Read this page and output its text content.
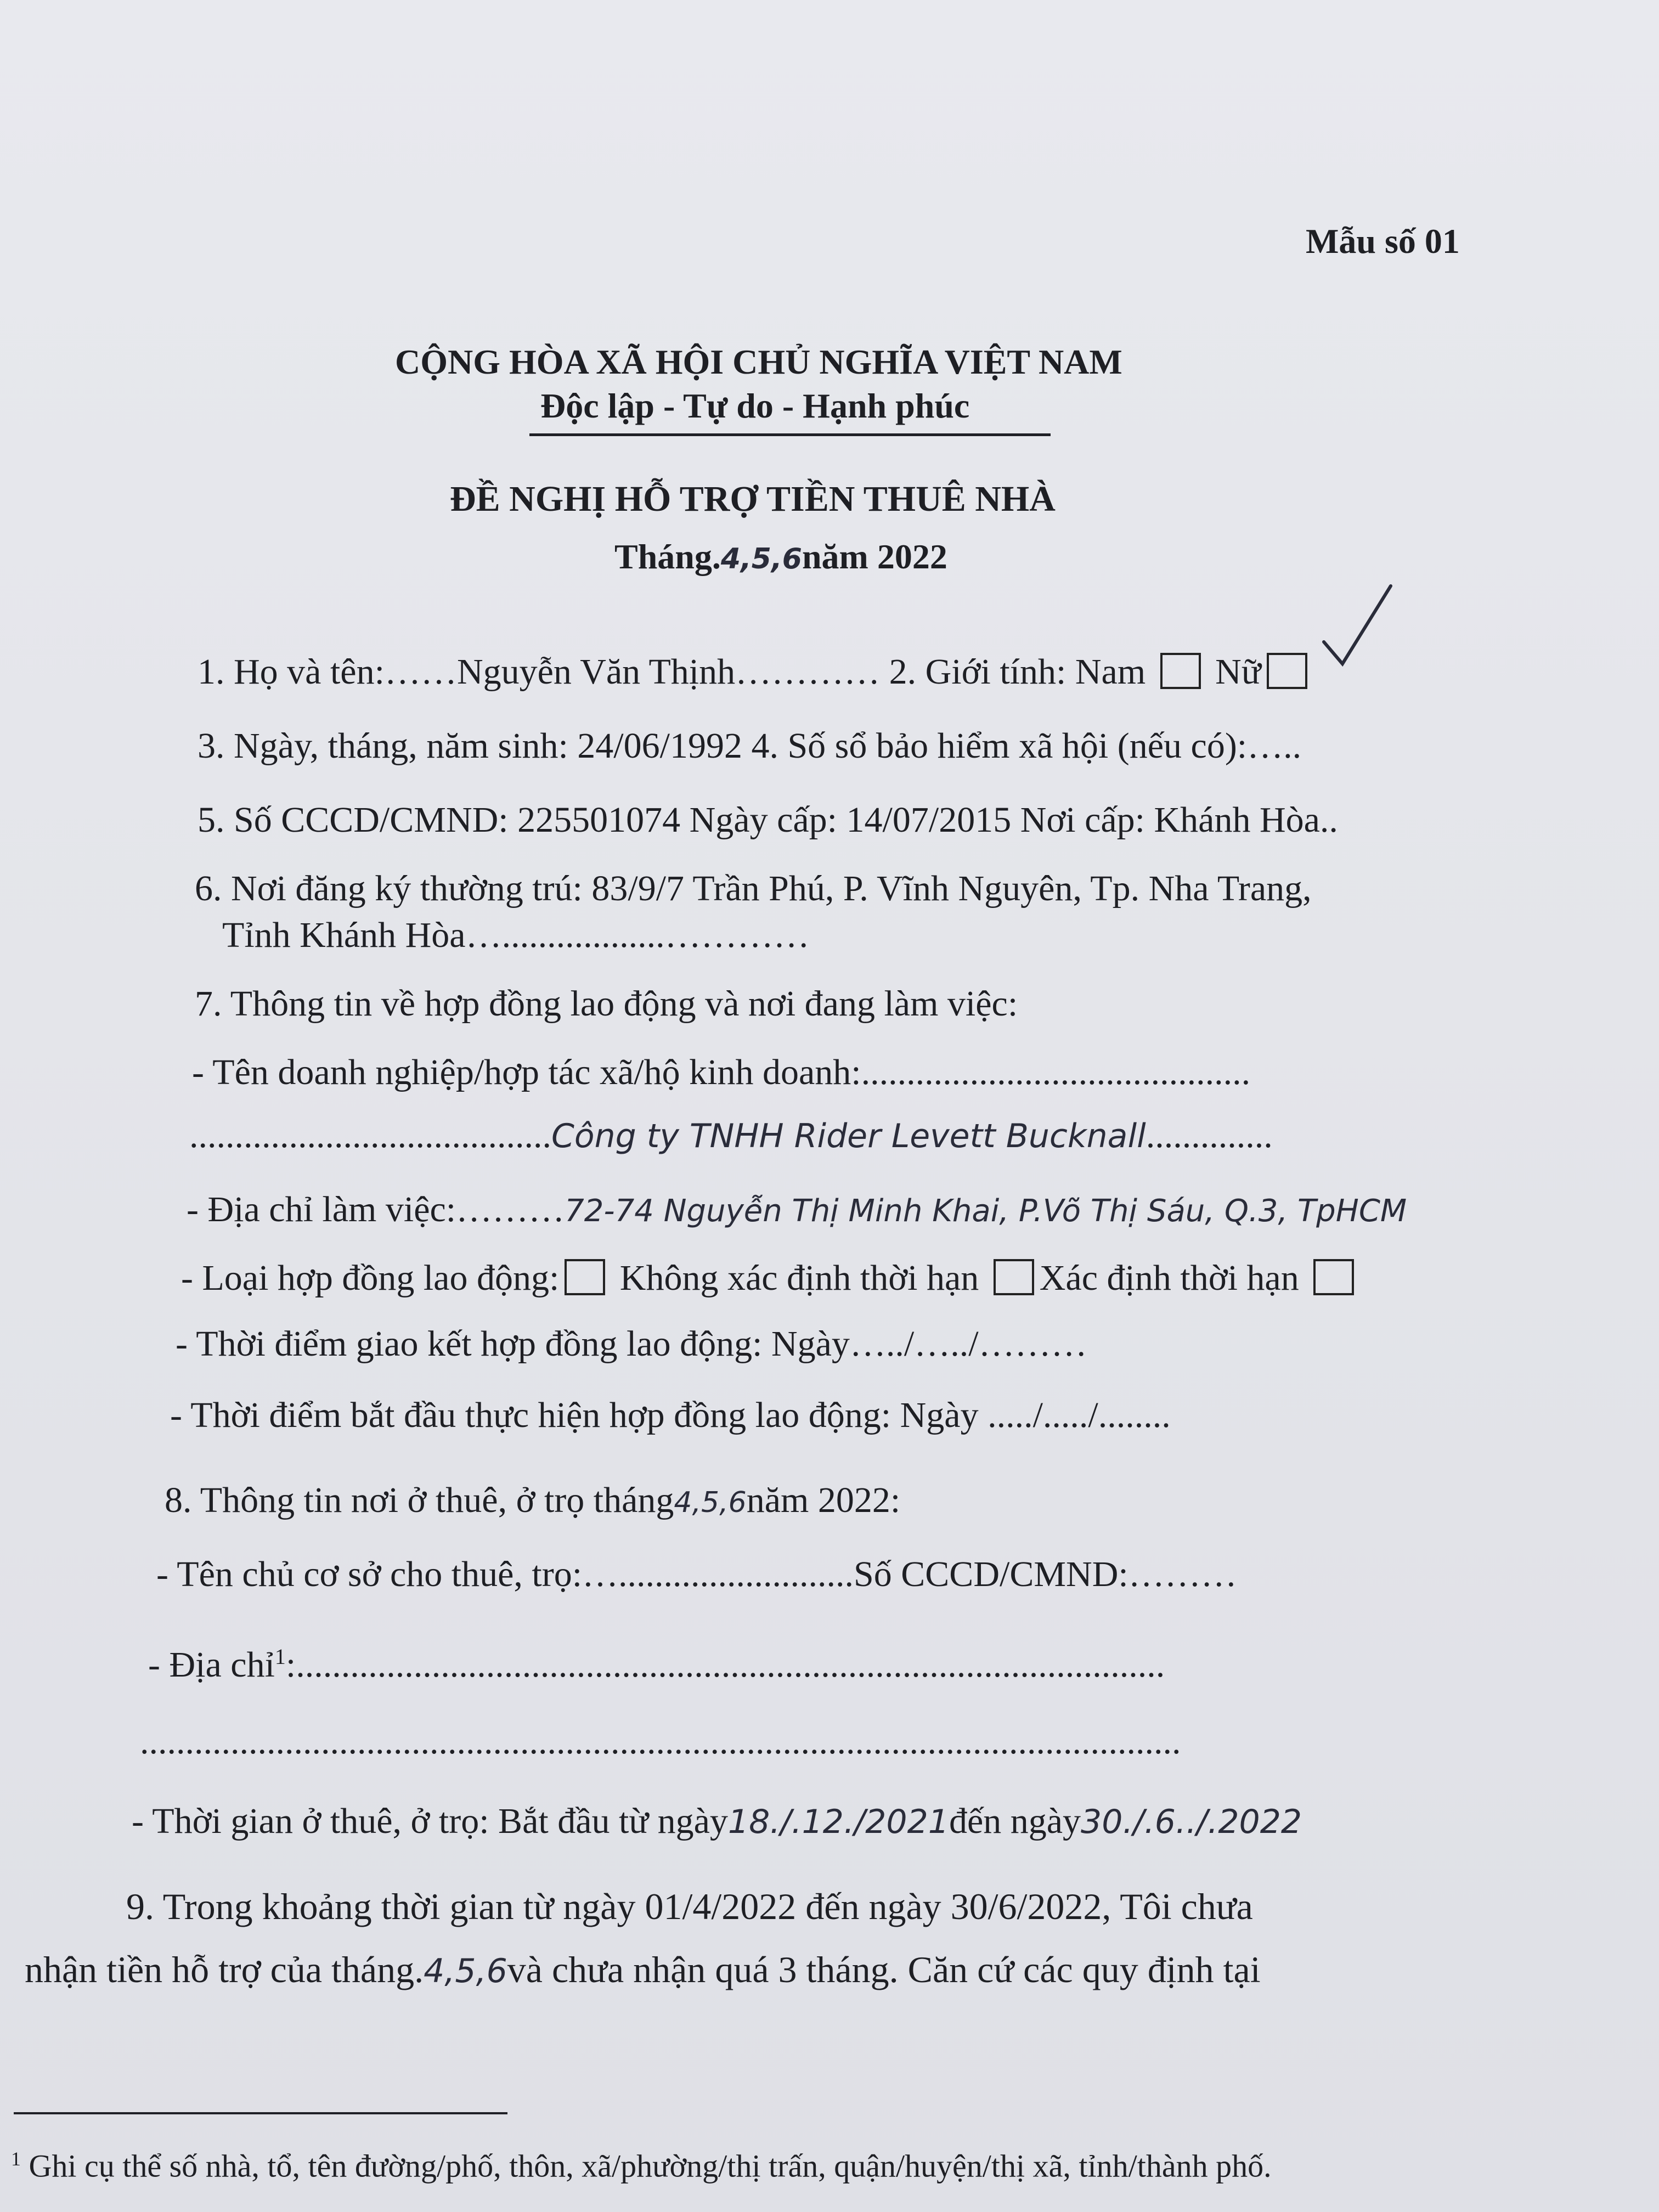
Mẫu số 01
CỘNG HÒA XÃ HỘI CHỦ NGHĨA VIỆT NAM
Độc lập - Tự do - Hạnh phúc
ĐỀ NGHỊ HỖ TRỢ TIỀN THUÊ NHÀ
Tháng.4,5,6năm 2022
1. Họ và tên:……Nguyễn Văn Thịnh………… 2. Giới tính: Nam  Nữ
3. Ngày, tháng, năm sinh: 24/06/1992 4. Số sổ bảo hiểm xã hội (nếu có):…..
5. Số CCCD/CMND: 225501074 Ngày cấp: 14/07/2015 Nơi cấp: Khánh Hòa..
6. Nơi đăng ký thường trú: 83/9/7 Trần Phú, P. Vĩnh Nguyên, Tp. Nha Trang,
Tỉnh Khánh Hòa…..................…………
7. Thông tin về hợp đồng lao động và nơi đang làm việc:
- Tên doanh nghiệp/hợp tác xã/hộ kinh doanh:...........................................
........................................Công ty TNHH Rider Levett Bucknall..............
- Địa chỉ làm việc:………72-74 Nguyễn Thị Minh Khai, P.Võ Thị Sáu, Q.3, TpHCM
- Loại hợp đồng lao động: Không xác định thời hạn Xác định thời hạn
- Thời điểm giao kết hợp đồng lao động: Ngày…../…../………
- Thời điểm bắt đầu thực hiện hợp đồng lao động: Ngày ...../...../........
8. Thông tin nơi ở thuê, ở trọ tháng4,5,6năm 2022:
- Tên chủ cơ sở cho thuê, trọ:…..........................Số CCCD/CMND:………
- Địa chỉ$^1$:................................................................................................
...................................................................................................................
- Thời gian ở thuê, ở trọ: Bắt đầu từ ngày18./.12./2021đến ngày30./.6../.2022
9. Trong khoảng thời gian từ ngày 01/4/2022 đến ngày 30/6/2022, Tôi chưa
nhận tiền hỗ trợ của tháng.4,5,6và chưa nhận quá 3 tháng. Căn cứ các quy định tại
$^1$ Ghi cụ thể số nhà, tổ, tên đường/phố, thôn, xã/phường/thị trấn, quận/huyện/thị xã, tỉnh/thành phố.
